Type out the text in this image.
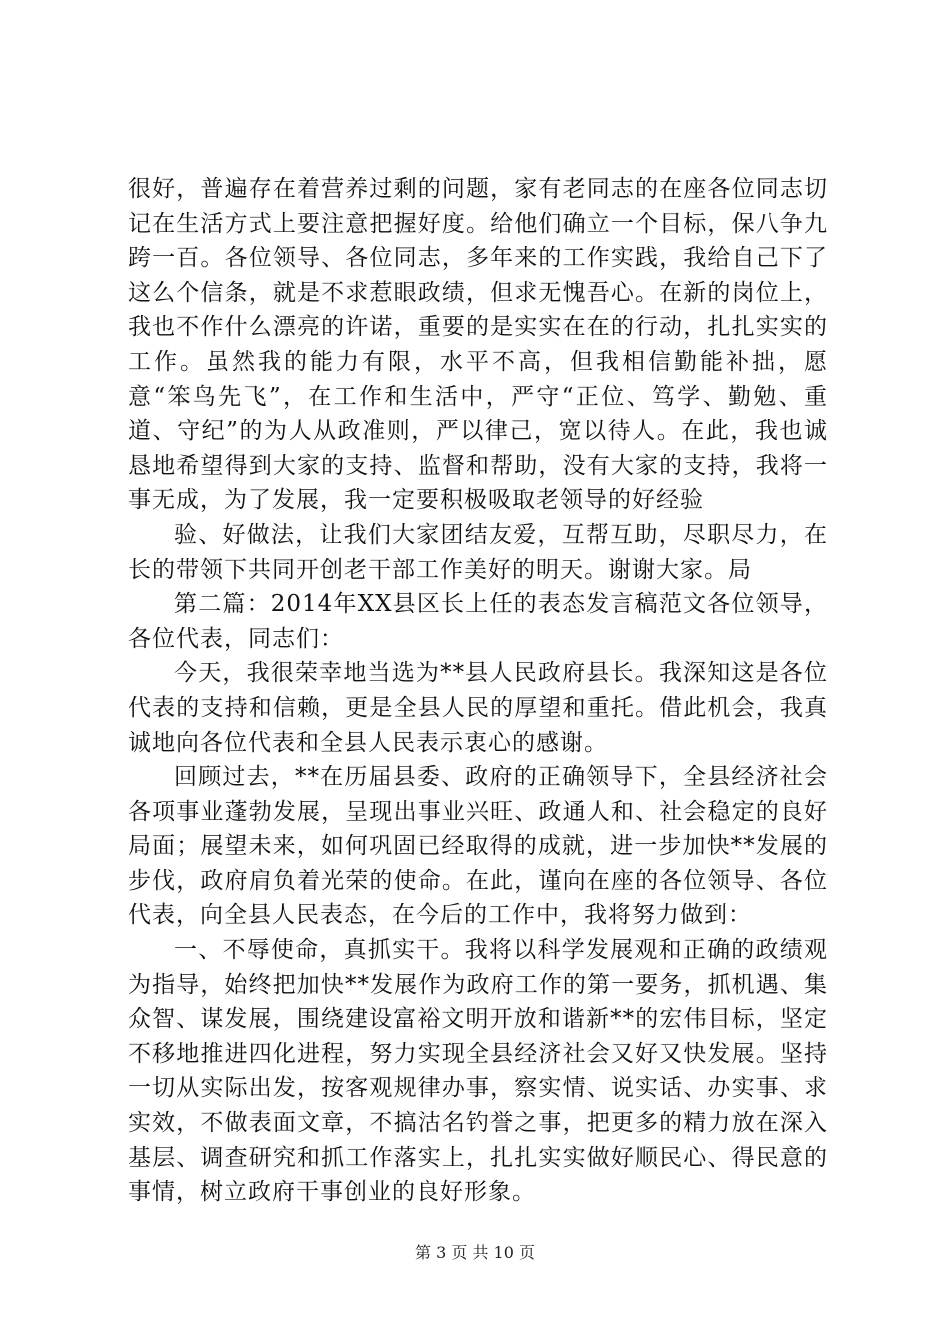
很好，普遍存在着营养过剩的问题，家有老同志的在座各位同志切记在生活方式上要注意把握好度。给他们确立一个目标，保八争九跨一百。各位领导、各位同志，多年来的工作实践，我给自己下了这么个信条，就是不求惹眼政绩，但求无愧吾心。在新的岗位上，我也不作什么漂亮的许诺，重要的是实实在在的行动，扎扎实实的工作。虽然我的能力有限，水平不高，但我相信勤能补拙，愿意“笨鸟先飞”，在工作和生活中，严守“正位、笃学、勤勉、重道、守纪”的为人从政准则，严以律己，宽以待人。在此，我也诚恳地希望得到大家的支持、监督和帮助，没有大家的支持，我将一事无成，为了发展，我一定要积极吸取老领导的好经验

验、好做法，让我们大家团结友爱，互帮互助，尽职尽力，在长的带领下共同开创老干部工作美好的明天。谢谢大家。局

第二篇：2014年XX县区长上任的表态发言稿范文各位领导，各位代表，同志们：

今天，我很荣幸地当选为**县人民政府县长。我深知这是各位代表的支持和信赖，更是全县人民的厚望和重托。借此机会，我真诚地向各位代表和全县人民表示衷心的感谢。

回顾过去，**在历届县委、政府的正确领导下，全县经济社会各项事业蓬勃发展，呈现出事业兴旺、政通人和、社会稳定的良好局面；展望未来，如何巩固已经取得的成就，进一步加快**发展的步伐，政府肩负着光荣的使命。在此，谨向在座的各位领导、各位代表，向全县人民表态，在今后的工作中，我将努力做到：

一、不辱使命，真抓实干。我将以科学发展观和正确的政绩观为指导，始终把加快**发展作为政府工作的第一要务，抓机遇、集众智、谋发展，围绕建设富裕文明开放和谐新**的宏伟目标，坚定不移地推进四化进程，努力实现全县经济社会又好又快发展。坚持一切从实际出发，按客观规律办事，察实情、说实话、办实事、求实效，不做表面文章，不搞沽名钓誉之事，把更多的精力放在深入基层、调查研究和抓工作落实上，扎扎实实做好顺民心、得民意的事情，树立政府干事创业的良好形象。

第 3 页 共 10 页
